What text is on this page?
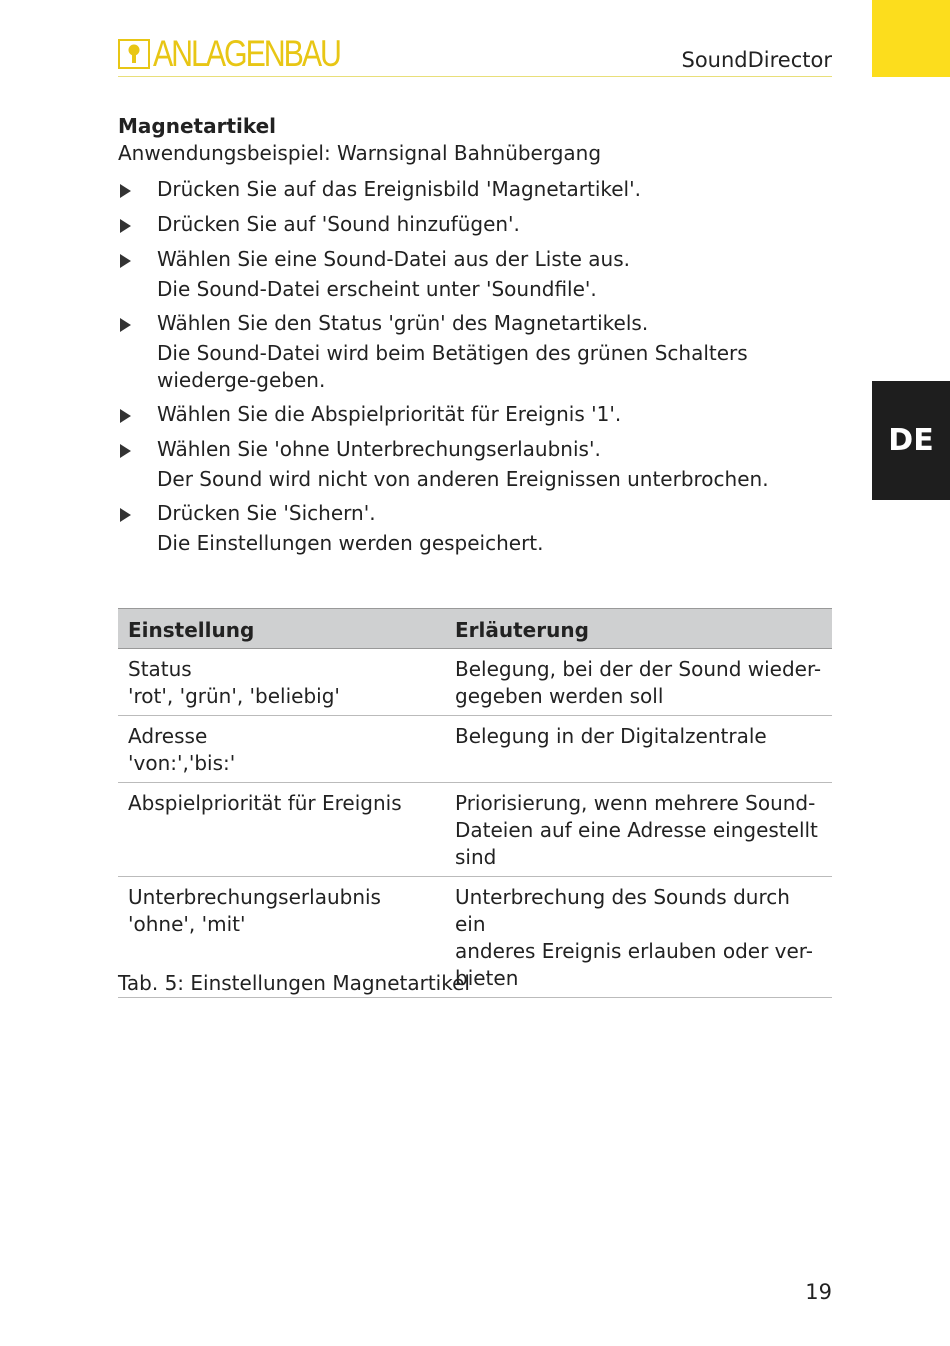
DE
ANLAGENBAU	SoundDirector
Magnetartikel
Anwendungsbeispiel: Warnsignal Bahnübergang
Drücken Sie auf das Ereignisbild 'Magnetartikel'.
Drücken Sie auf 'Sound hinzufügen'.
Wählen Sie eine Sound-Datei aus der Liste aus.
Die Sound-Datei erscheint unter 'Soundfile'.
Wählen Sie den Status 'grün' des Magnetartikels.
Die Sound-Datei wird beim Betätigen des grünen Schalters wiederge-geben.
Wählen Sie die Abspielpriorität für Ereignis '1'.
Wählen Sie 'ohne Unterbrechungserlaubnis'.
Der Sound wird nicht von anderen Ereignissen unterbrochen.
Drücken Sie 'Sichern'.
Die Einstellungen werden gespeichert.
Einstellung	Erläuterung

Status
'rot', 'grün', 'beliebig'	Belegung, bei der der Sound wieder-
gegeben werden soll

Adresse
'von:','bis:'	Belegung in der Digitalzentrale

Abspielpriorität für Ereignis	Priorisierung, wenn mehrere Sound-
Dateien auf eine Adresse eingestellt
sind

Unterbrechungserlaubnis
'ohne', 'mit'	Unterbrechung des Sounds durch ein
anderes Ereignis erlauben oder ver-
bieten
Tab. 5: Einstellungen Magnetartikel
19
